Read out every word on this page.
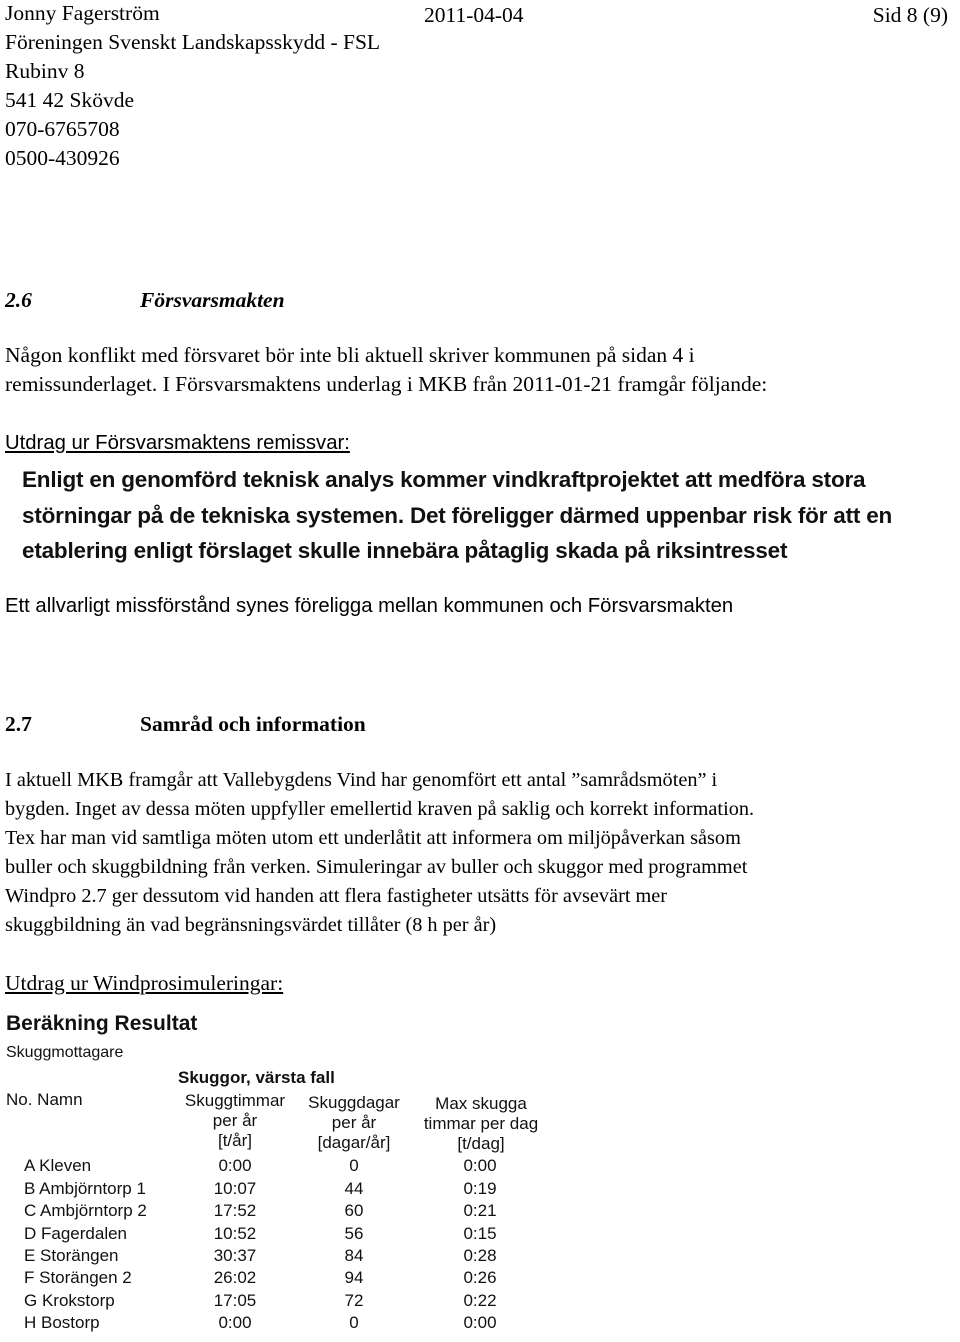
Jonny Fagerström	2011-04-04	Sid 8 (9)
Föreningen Svenskt Landskapsskydd - FSL
Rubinv 8
541 42 Skövde
070-6765708
0500-430926
2.6	Försvarsmakten
Någon konflikt med försvaret bör inte bli aktuell skriver kommunen på sidan 4 i
remissunderlaget. I Försvarsmaktens underlag i MKB från 2011-01-21 framgår följande:
Utdrag ur Försvarsmaktens remissvar:
Enligt en genomförd teknisk analys kommer vindkraftprojektet att medföra stora störningar på de tekniska systemen. Det föreligger därmed uppenbar risk för att en etablering enligt förslaget skulle innebära påtaglig skada på riksintresset
Ett allvarligt missförstånd synes föreligga mellan kommunen och Försvarsmakten
2.7	Samråd och information
I aktuell MKB framgår att Vallebygdens Vind har genomfört ett antal ”samrådsmöten” i
bygden. Inget av dessa möten uppfyller emellertid kraven på saklig och korrekt information.
Tex har man vid samtliga möten utom ett underlåtit att informera om miljöpåverkan såsom
buller och skuggbildning från verken. Simuleringar av buller och skuggor med programmet
Windpro 2.7 ger dessutom vid handen att flera fastigheter utsätts för avsevärt mer
skuggbildning än vad begränsningsvärdet tillåter (8 h per år)
Utdrag ur Windprosimuleringar:
Beräkning Resultat
Skuggmottagare
Skuggor, värsta fall
No. Namn	Skuggtimmar
per år
[t/år]
Skuggdagar
per år
[dagar/år]
Max skugga
timmar per dag
[t/dag]
A Kleven	0:00	0	0:00
B Ambjörntorp 1	10:07	44	0:19
C Ambjörntorp 2	17:52	60	0:21
D Fagerdalen	10:52	56	0:15
E Storängen	30:37	84	0:28
F Storängen 2	26:02	94	0:26
G Krokstorp	17:05	72	0:22
H Bostorp	0:00	0	0:00
